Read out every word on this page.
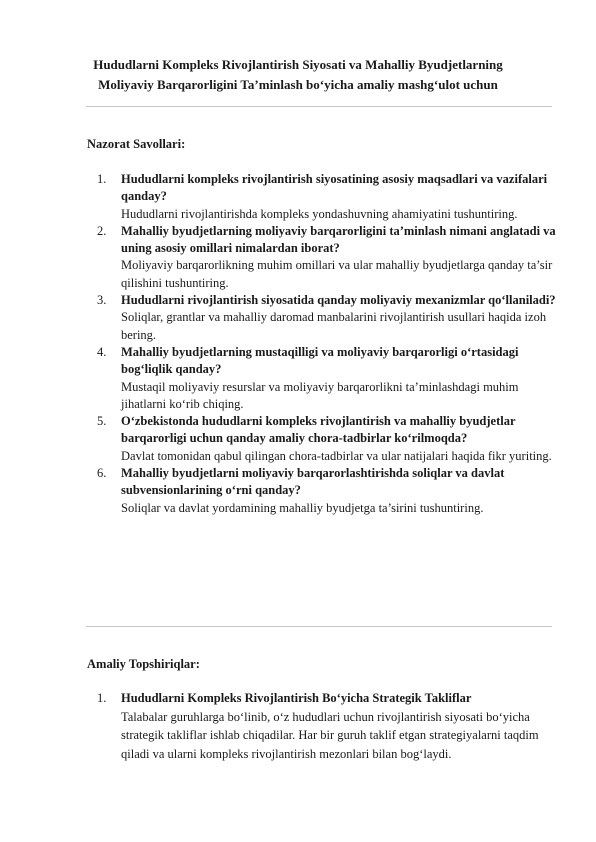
Hududlarni Kompleks Rivojlantirish Siyosati va Mahalliy Byudjetlarning
Moliyaviy Barqarorligini Ta’minlash bo‘yicha amaliy mashg‘ulot uchun
Nazorat Savollari:
1. Hududlarni kompleks rivojlantirish siyosatining asosiy maqsadlari va vazifalari qanday?
Hududlarni rivojlantirishda kompleks yondashuvning ahamiyatini tushuntiring.
2. Mahalliy byudjetlarning moliyaviy barqarorligini ta’minlash nimani anglatadi va uning asosiy omillari nimalardan iborat?
Moliyaviy barqarorlikning muhim omillari va ular mahalliy byudjetlarga qanday ta’sir qilishini tushuntiring.
3. Hududlarni rivojlantirish siyosatida qanday moliyaviy mexanizmlar qo‘llaniladi?
Soliqlar, grantlar va mahalliy daromad manbalarini rivojlantirish usullari haqida izoh bering.
4. Mahalliy byudjetlarning mustaqilligi va moliyaviy barqarorligi o‘rtasidagi bog‘liqlik qanday?
Mustaqil moliyaviy resurslar va moliyaviy barqarorlikni ta’minlashdagi muhim jihatlarni ko‘rib chiqing.
5. O‘zbekistonda hududlarni kompleks rivojlantirish va mahalliy byudjetlar barqarorligi uchun qanday amaliy chora-tadbirlar ko‘rilmoqda?
Davlat tomonidan qabul qilingan chora-tadbirlar va ular natijalari haqida fikr yuriting.
6. Mahalliy byudjetlarni moliyaviy barqarorlashtirishda soliqlar va davlat subvensionlarining o‘rni qanday?
Soliqlar va davlat yordamining mahalliy byudjetga ta’sirini tushuntiring.
Amaliy Topshiriqlar:
1. Hududlarni Kompleks Rivojlantirish Bo‘yicha Strategik Takliflar
Talabalar guruhlarga bo‘linib, o‘z hududlari uchun rivojlantirish siyosati bo‘yicha strategik takliflar ishlab chiqadilar. Har bir guruh taklif etgan strategiyalarni taqdim qiladi va ularni kompleks rivojlantirish mezonlari bilan bog‘laydi.
